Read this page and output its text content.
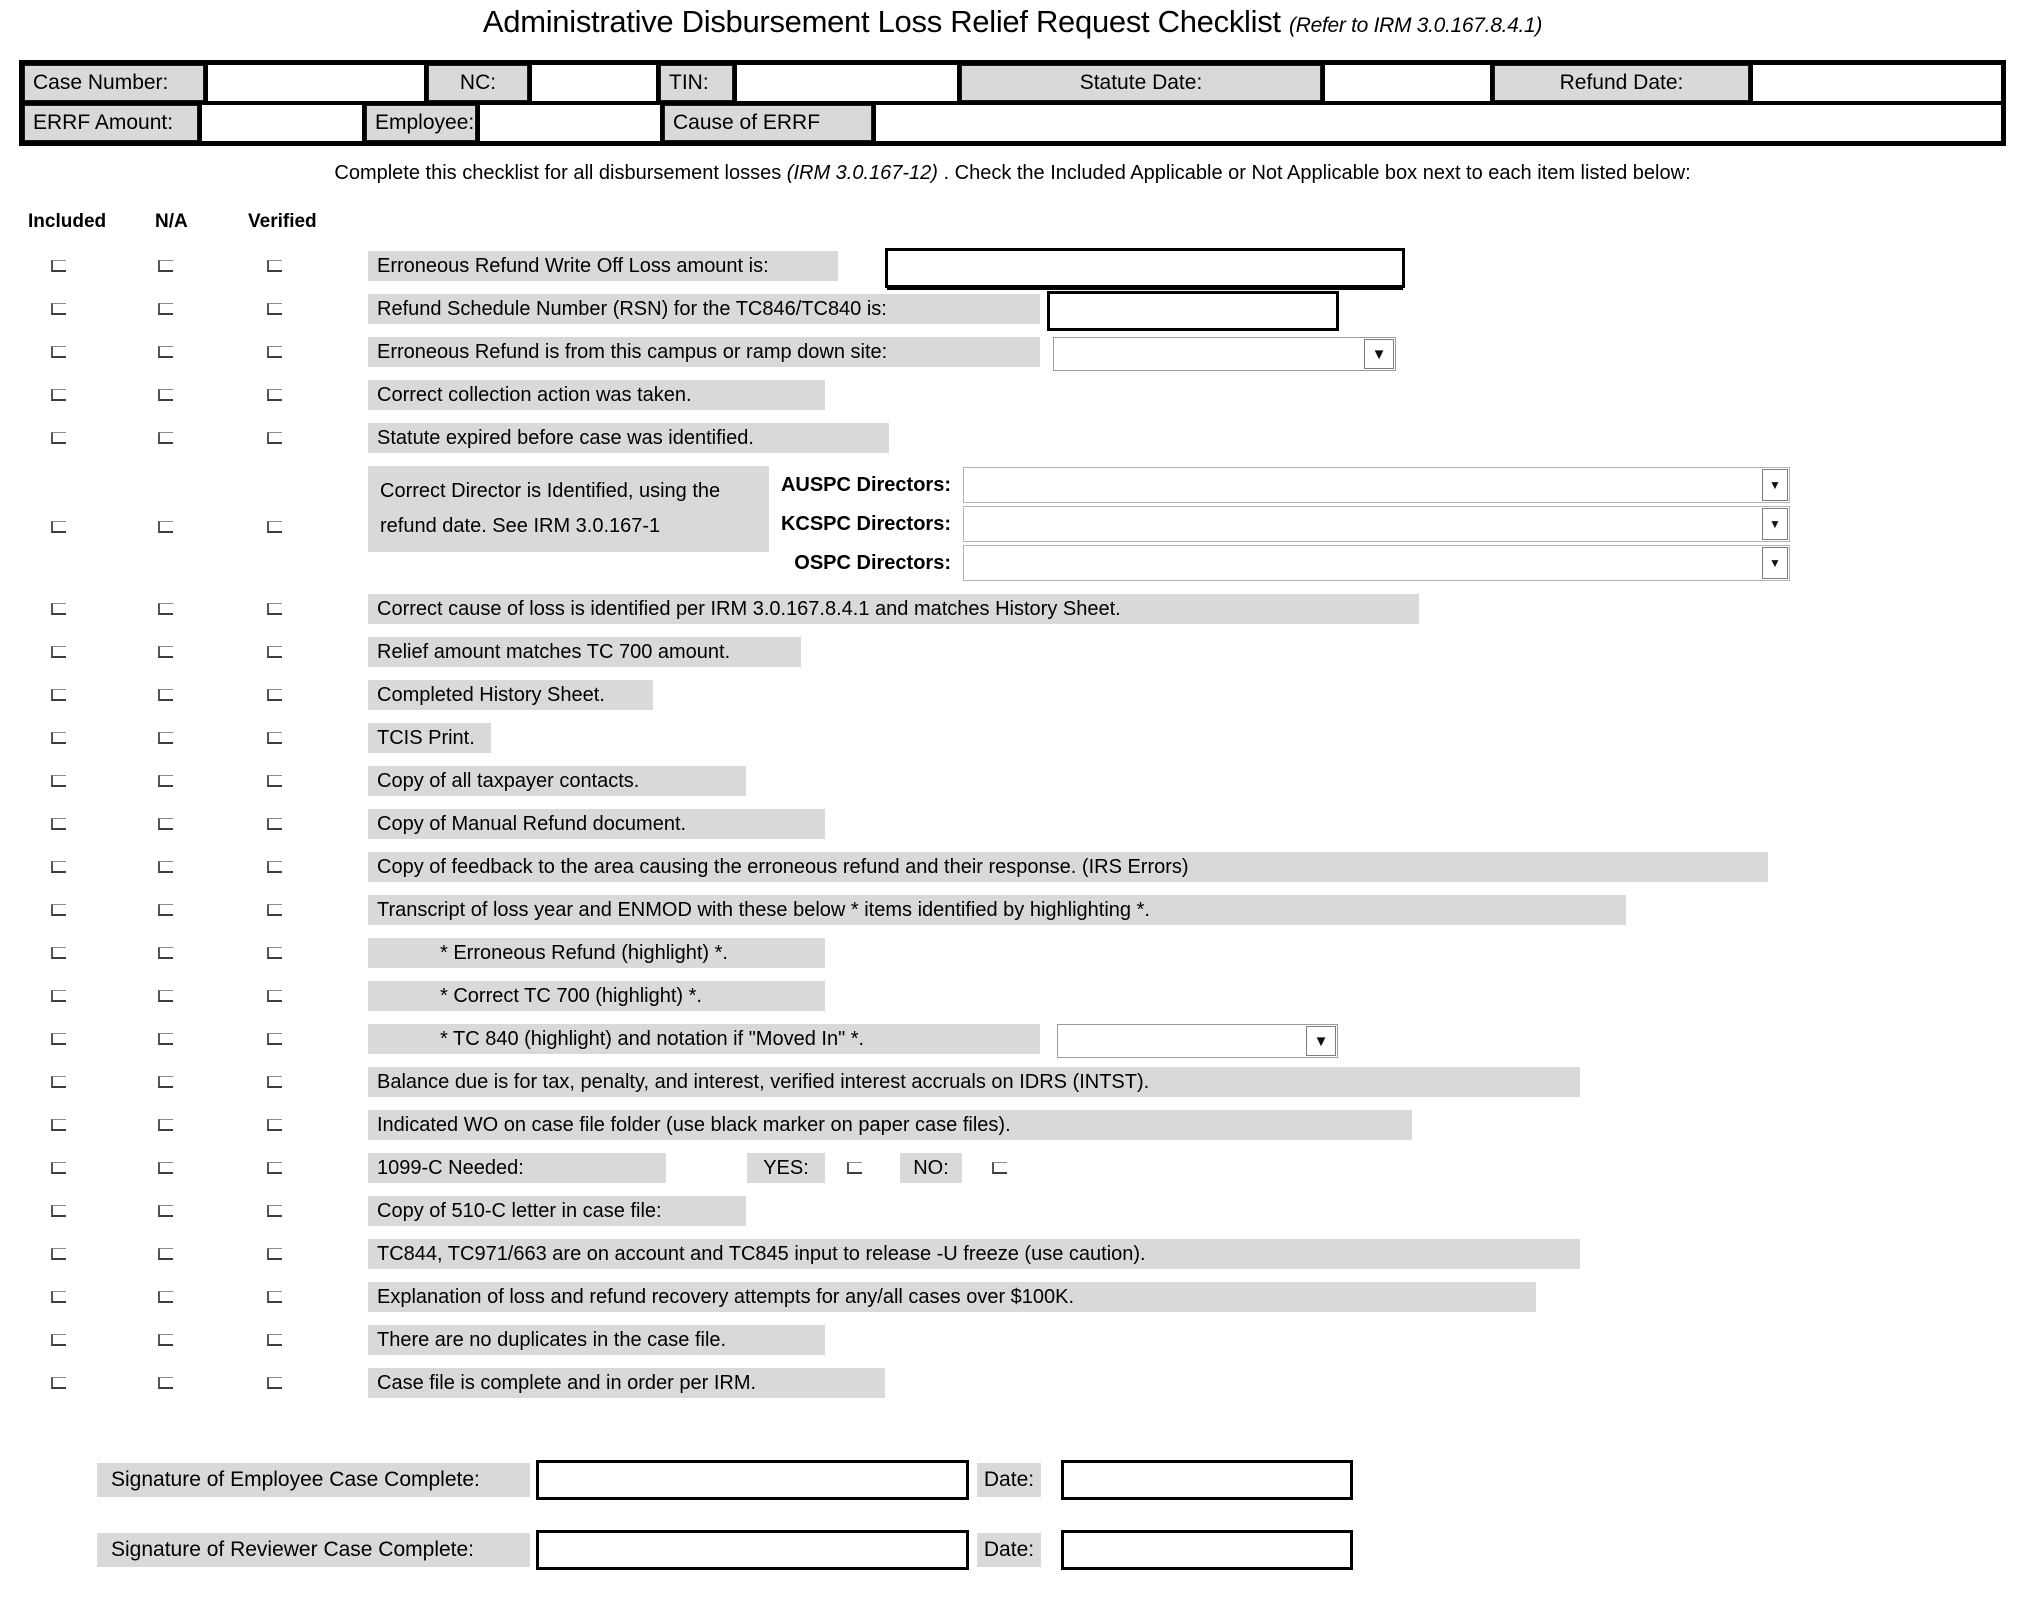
Administrative Disbursement Loss Relief Request Checklist (Refer to IRM 3.0.167.8.4.1)
Case Number:	NC:	TIN:	Statute Date:	Refund Date:
ERRF Amount:	Employee:	Cause of ERRF
Complete this checklist for all disbursement losses (IRM 3.0.167-12) . Check the Included Applicable or Not Applicable box next to each item listed below:
Included	N/A	Verified
Erroneous Refund Write Off Loss amount is:
Refund Schedule Number (RSN) for the TC846/TC840 is:
Erroneous Refund is from this campus or ramp down site:	▼
Correct collection action was taken.
Statute expired before case was identified.
Correct Director is Identified, using the refund date. See IRM 3.0.167-1
AUSPC Directors:	▼
KCSPC Directors:	▼
OSPC Directors:	▼
Correct cause of loss is identified per IRM 3.0.167.8.4.1 and matches History Sheet.
Relief amount matches TC 700 amount.
Completed History Sheet.
TCIS Print.
Copy of all taxpayer contacts.
Copy of Manual Refund document.
Copy of feedback to the area causing the erroneous refund and their response. (IRS Errors)
Transcript of loss year and ENMOD with these below * items identified by highlighting *.
* Erroneous Refund (highlight) *.
* Correct TC 700 (highlight) *.
* TC 840 (highlight) and notation if "Moved In" *.	▼
Balance due is for tax, penalty, and interest, verified interest accruals on IDRS (INTST).
Indicated WO on case file folder (use black marker on paper case files).
1099-C Needed:	YES:	NO:
Copy of 510-C letter in case file:
TC844, TC971/663 are on account and TC845 input to release -U freeze (use caution).
Explanation of loss and refund recovery attempts for any/all cases over $100K.
There are no duplicates in the case file.
Case file is complete and in order per IRM.
Signature of Employee Case Complete:	Date:
Signature of Reviewer Case Complete:	Date:
